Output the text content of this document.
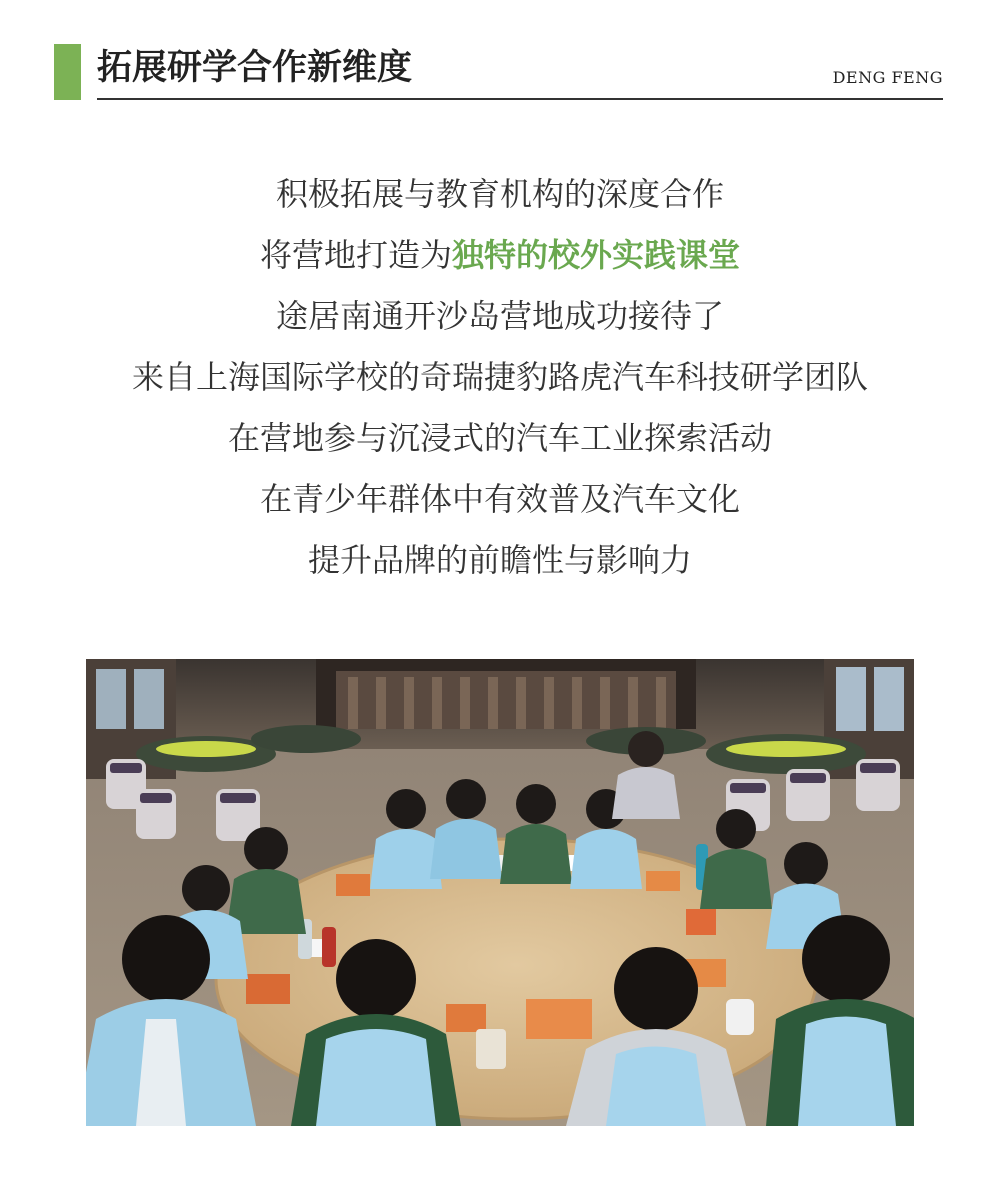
拓展研学合作新维度	DENG FENG
积极拓展与教育机构的深度合作
将营地打造为独特的校外实践课堂
途居南通开沙岛营地成功接待了
来自上海国际学校的奇瑞捷豹路虎汽车科技研学团队
在营地参与沉浸式的汽车工业探索活动
在青少年群体中有效普及汽车文化
提升品牌的前瞻性与影响力
